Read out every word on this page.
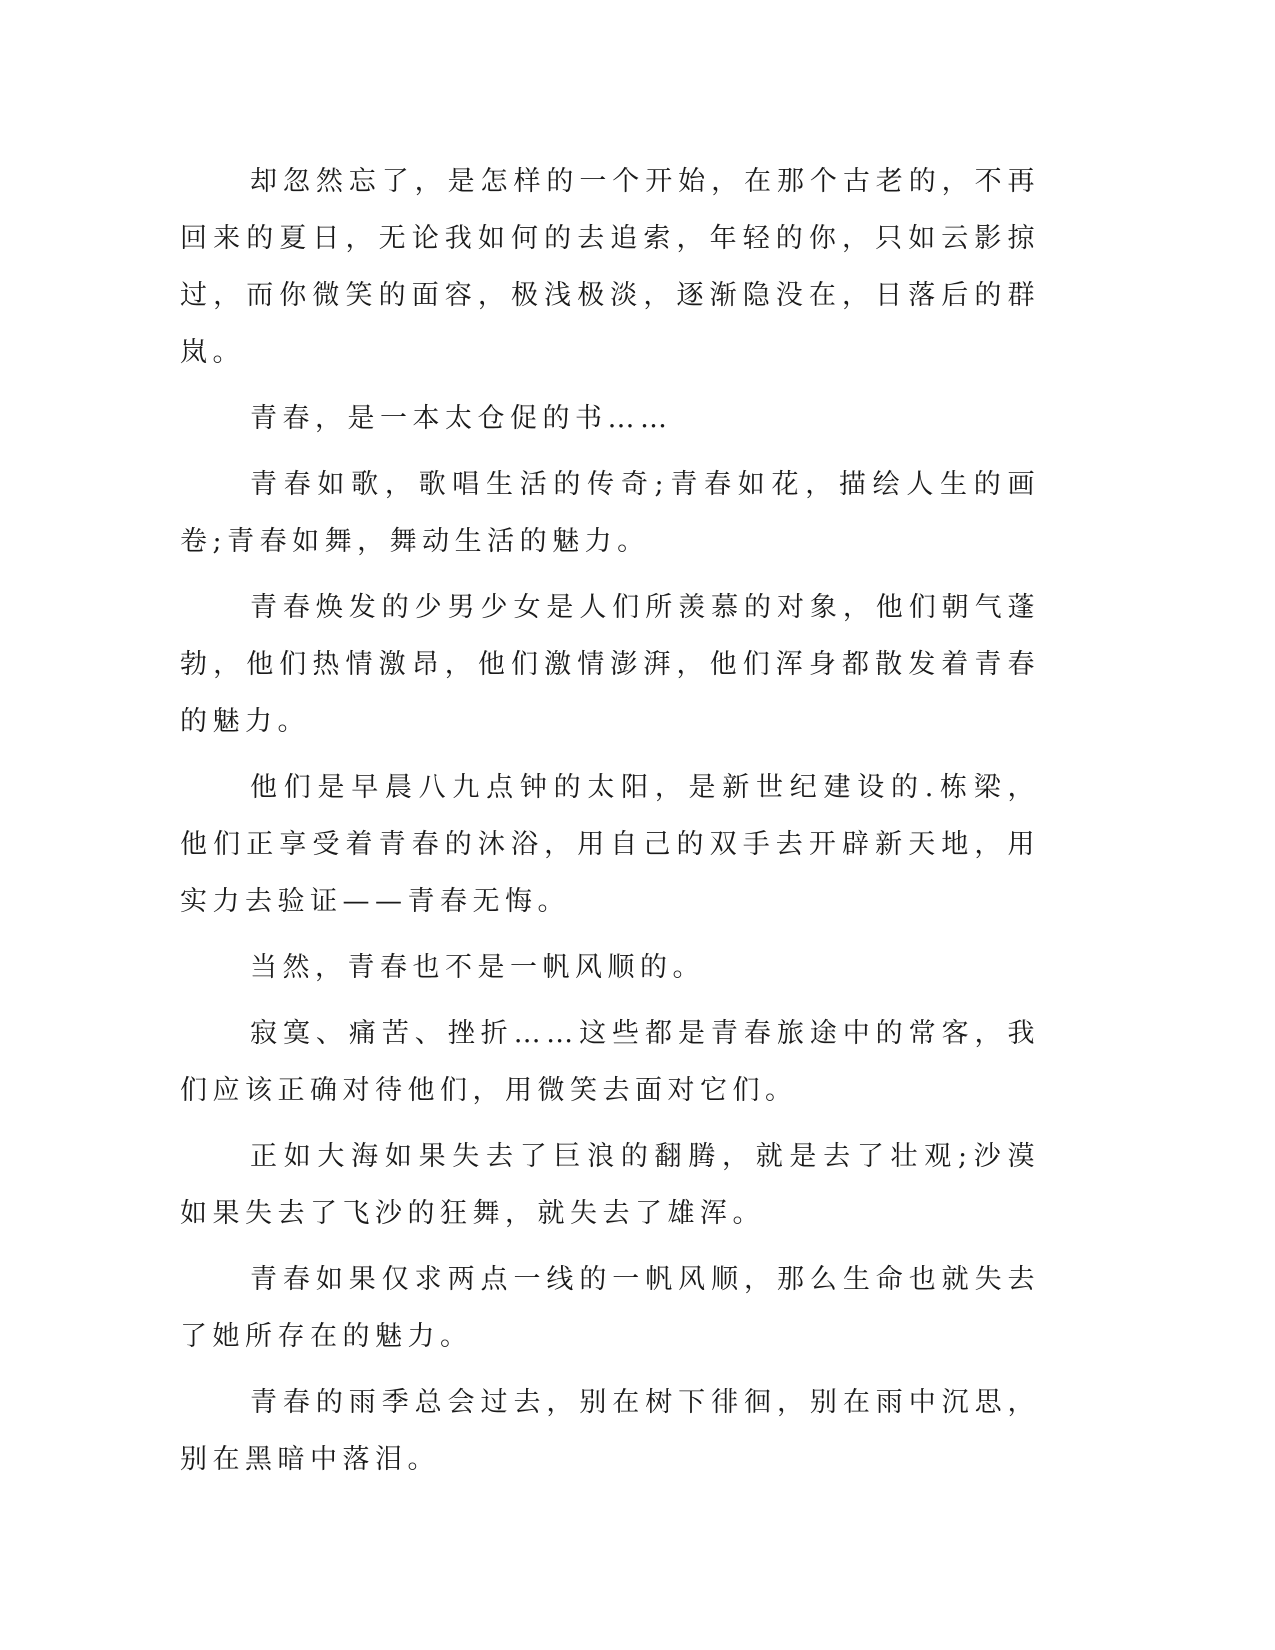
却忽然忘了，是怎样的一个开始，在那个古老的，不再回来的夏日，无论我如何的去追索，年轻的你，只如云影掠过，而你微笑的面容，极浅极淡，逐渐隐没在，日落后的群岚。

青春，是一本太仓促的书……

青春如歌，歌唱生活的传奇;青春如花，描绘人生的画卷;青春如舞，舞动生活的魅力。

青春焕发的少男少女是人们所羡慕的对象，他们朝气蓬勃，他们热情激昂，他们激情澎湃，他们浑身都散发着青春的魅力。

他们是早晨八九点钟的太阳，是新世纪建设的.栋梁，他们正享受着青春的沐浴，用自己的双手去开辟新天地，用实力去验证——青春无悔。

当然，青春也不是一帆风顺的。

寂寞、痛苦、挫折……这些都是青春旅途中的常客，我们应该正确对待他们，用微笑去面对它们。

正如大海如果失去了巨浪的翻腾，就是去了壮观;沙漠如果失去了飞沙的狂舞，就失去了雄浑。

青春如果仅求两点一线的一帆风顺，那么生命也就失去了她所存在的魅力。

青春的雨季总会过去，别在树下徘徊，别在雨中沉思，别在黑暗中落泪。
